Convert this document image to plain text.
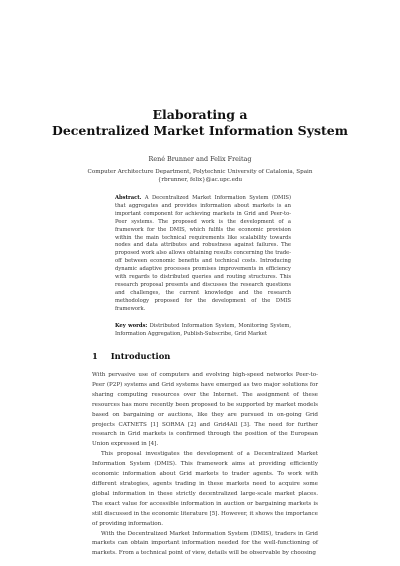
Elaborating a
Decentralized Market Information System
René Brunner and Felix Freitag
Computer Architecture Department, Polytechnic University of Catalonia, Spain
{rbrunner, felix}@ac.upc.edu
Abstract. A Decentralized Market Information System (DMIS) that aggregates and provides information about markets is an important component for achieving markets in Grid and Peer-to-Peer systems. The proposed work is the development of a framework for the DMIS, which fulfils the economic provision within the main technical requirements like scalability towards nodes and data attributes and robustness against failures. The proposed work also allows obtaining results concerning the trade-off between economic benefits and technical costs. Introducing dynamic adaptive processes promises improvements in efficiency with regards to distributed queries and routing structures. This research proposal presents and discusses the research questions and challenges, the current knowledge and the research methodology proposed for the development of the DMIS framework.
Key words: Distributed Information System, Monitoring System, Information Aggregation, Publish-Subscribe, Grid Market
1 Introduction

With pervasive use of computers and evolving high-speed networks Peer-to-Peer (P2P) systems and Grid systems have emerged as two major solutions for sharing computing resources over the Internet. The assignment of these resources has more recently been proposed to be supported by market models based on bargaining or auctions, like they are pursued in on-going Grid projects CATNETS [1] SORMA [2] and Grid4All [3]. The need for further research in Grid markets is confirmed through the position of the European Union expressed in [4].

This proposal investigates the development of a Decentralized Market Information System (DMIS). This framework aims at providing efficiently economic information about Grid markets to trader agents. To work with different strategies, agents trading in these markets need to acquire some global information in these strictly decentralized large-scale market places. The exact value for accessible information in auction or bargaining markets is still discussed in the economic literature [5]. However, it shows the importance of providing information.

With the Decentralized Market Information System (DMIS), traders in Grid markets can obtain important information needed for the well-functioning of markets. From a technical point of view, details will be observable by choosing
